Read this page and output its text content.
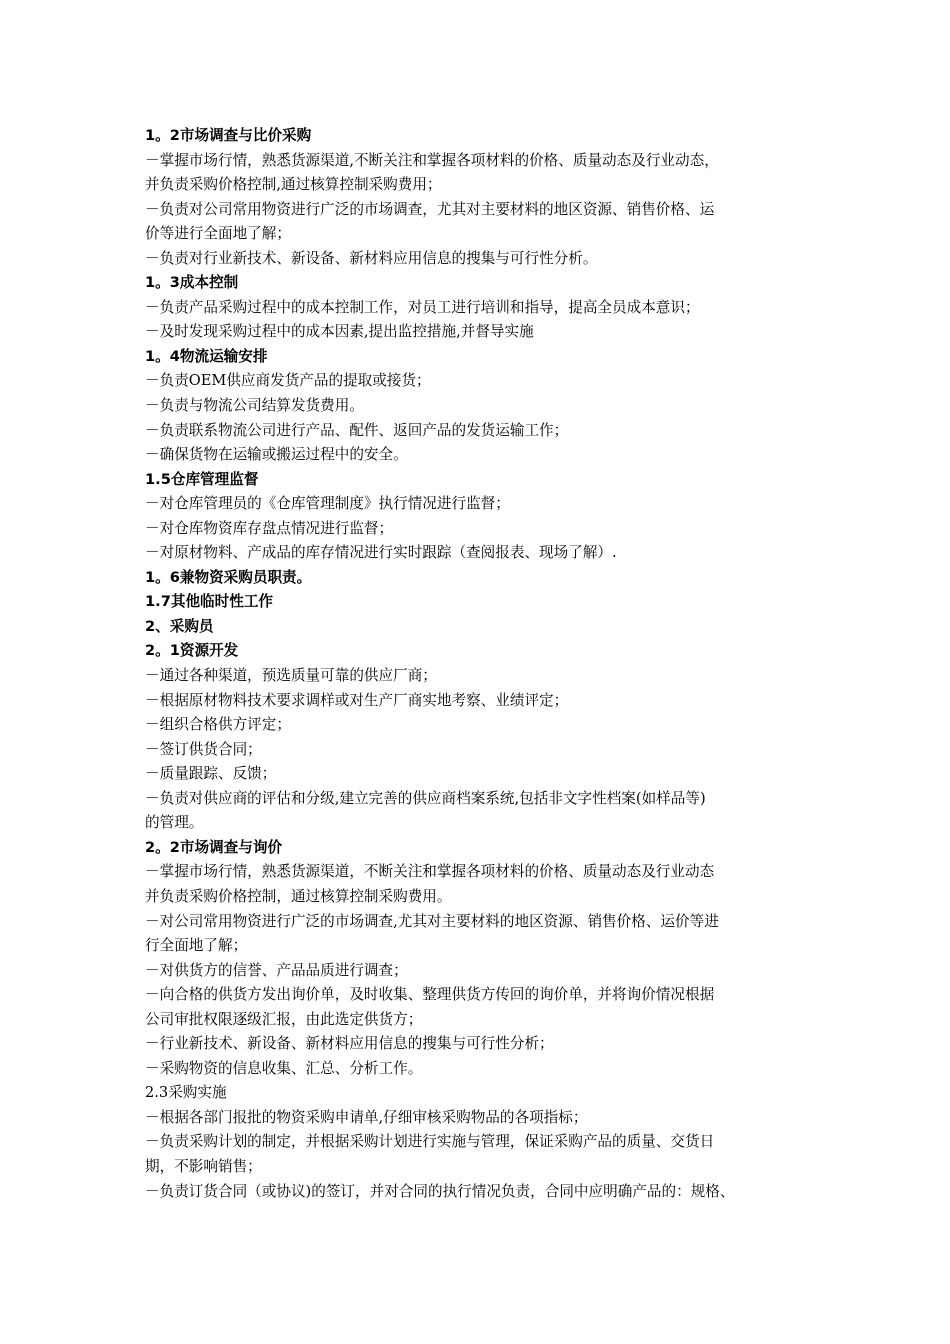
1。2市场调查与比价采购
－掌握市场行情，熟悉货源渠道,不断关注和掌握各项材料的价格、质量动态及行业动态，
并负责采购价格控制,通过核算控制采购费用；
－负责对公司常用物资进行广泛的市场调查，尤其对主要材料的地区资源、销售价格、运
价等进行全面地了解；
－负责对行业新技术、新设备、新材料应用信息的搜集与可行性分析。
1。3成本控制
－负责产品采购过程中的成本控制工作，对员工进行培训和指导，提高全员成本意识；
－及时发现采购过程中的成本因素,提出监控措施,并督导实施
1。4物流运输安排
－负责OEM供应商发货产品的提取或接货；
－负责与物流公司结算发货费用。
－负责联系物流公司进行产品、配件、返回产品的发货运输工作；
－确保货物在运输或搬运过程中的安全。
1.5仓库管理监督
－对仓库管理员的《仓库管理制度》执行情况进行监督；
－对仓库物资库存盘点情况进行监督；
－对原材物料、产成品的库存情况进行实时跟踪（查阅报表、现场了解）.
1。6兼物资采购员职责。
1.7其他临时性工作
2、采购员
2。1资源开发
－通过各种渠道，预选质量可靠的供应厂商；
－根据原材物料技术要求调样或对生产厂商实地考察、业绩评定；
－组织合格供方评定；
－签订供货合同；
－质量跟踪、反馈；
－负责对供应商的评估和分级,建立完善的供应商档案系统,包括非文字性档案(如样品等)
的管理。
2。2市场调查与询价
－掌握市场行情，熟悉货源渠道，不断关注和掌握各项材料的价格、质量动态及行业动态
并负责采购价格控制，通过核算控制采购费用。
－对公司常用物资进行广泛的市场调查,尤其对主要材料的地区资源、销售价格、运价等进
行全面地了解；
－对供货方的信誉、产品品质进行调查；
－向合格的供货方发出询价单，及时收集、整理供货方传回的询价单，并将询价情况根据
公司审批权限逐级汇报，由此选定供货方；
－行业新技术、新设备、新材料应用信息的搜集与可行性分析；
－采购物资的信息收集、汇总、分析工作。
2.3采购实施
－根据各部门报批的物资采购申请单,仔细审核采购物品的各项指标；
－负责采购计划的制定，并根据采购计划进行实施与管理，保证采购产品的质量、交货日
期，不影响销售；
－负责订货合同（或协议)的签订，并对合同的执行情况负责，合同中应明确产品的：规格、
